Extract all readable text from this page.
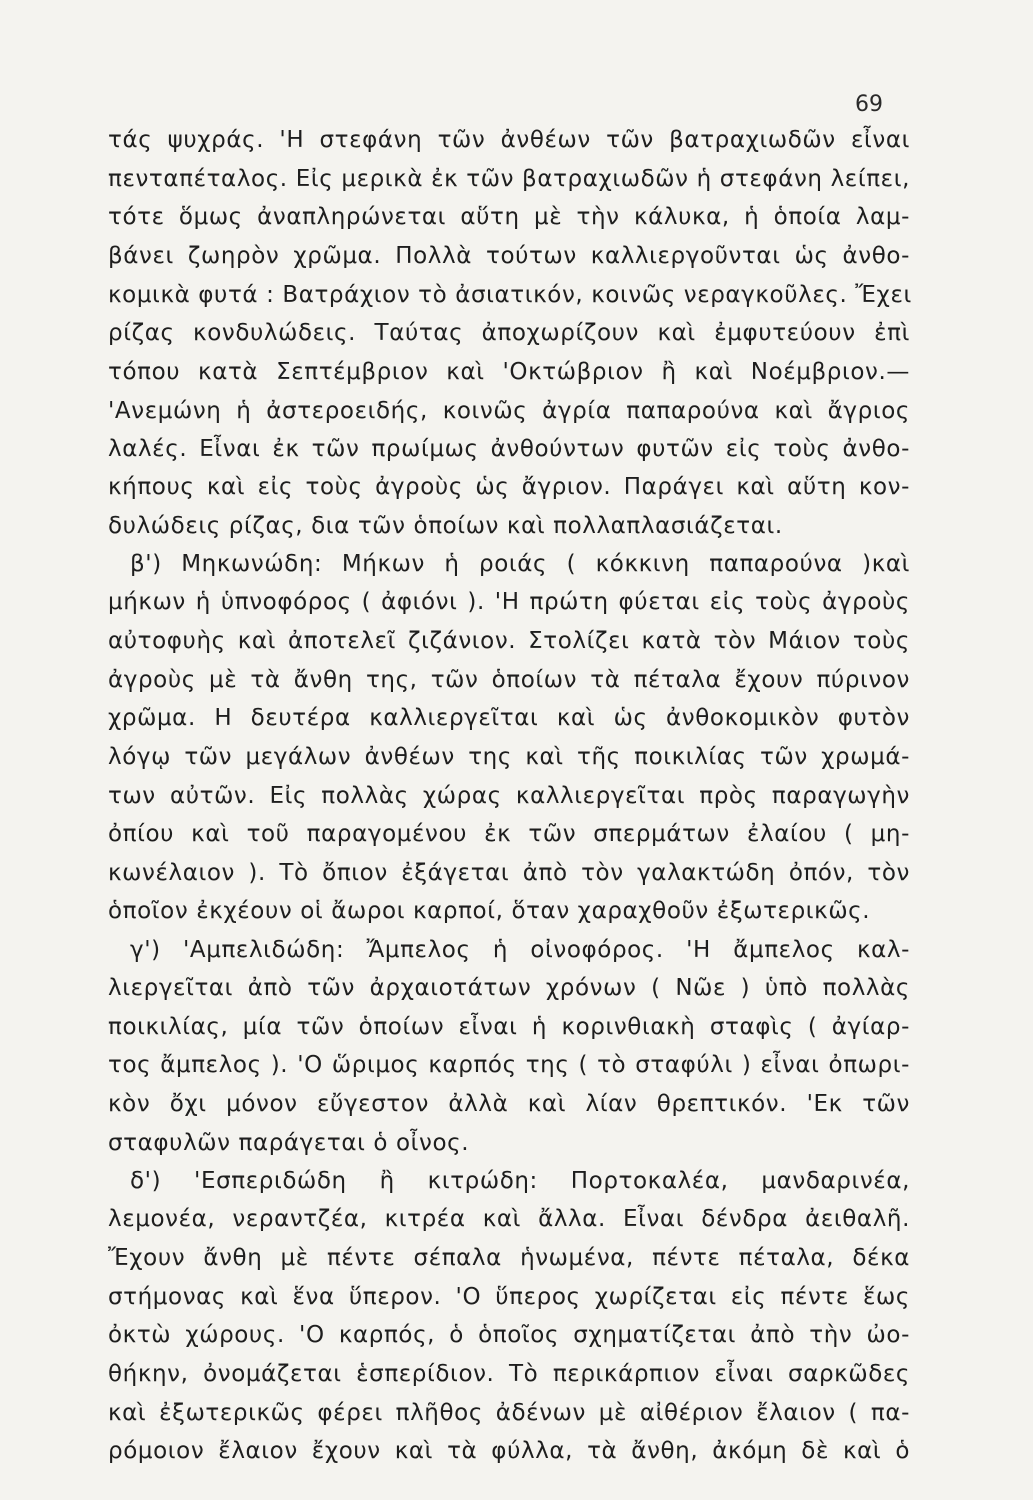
69
τάς ψυχράς. 'Η στεφάνη τῶν ἀνθέων τῶν βατραχιωδῶν εἶναι
πενταπέταλος. Εἰς μερικὰ ἐκ τῶν βατραχιωδῶν ἡ στεφάνη λείπει,
τότε ὅμως ἀναπληρώνεται αὕτη μὲ τὴν κάλυκα, ἡ ὁποία λαμ-
βάνει ζωηρὸν χρῶμα. Πολλὰ τούτων καλλιεργοῦνται ὡς ἀνθο-
κομικὰ φυτά : Βατράχιον τὸ ἀσιατικόν, κοινῶς νεραγκοῦλες. Ἔχει
ρίζας κονδυλώδεις. Ταύτας ἀποχωρίζουν καὶ ἐμφυτεύουν ἐπὶ
τόπου κατὰ Σεπτέμβριον καὶ 'Οκτώβριον ἢ καὶ Νοέμβριον.—
'Ανεμώνη ἡ ἀστεροειδής, κοινῶς ἀγρία παπαρούνα καὶ ἄγριος
λαλές. Εἶναι ἐκ τῶν πρωίμως ἀνθούντων φυτῶν εἰς τοὺς ἀνθο-
κήπους καὶ εἰς τοὺς ἀγροὺς ὡς ἄγριον. Παράγει καὶ αὕτη κον-
δυλώδεις ρίζας, δια τῶν ὁποίων καὶ πολλαπλασιάζεται.
β') Μηκωνώδη: Μήκων ἡ ροιάς ( κόκκινη παπαρούνα )καὶ
μήκων ἡ ὑπνοφόρος ( ἀφιόνι ). 'Η πρώτη φύεται εἰς τοὺς ἀγροὺς
αὐτοφυὴς καὶ ἀποτελεῖ ζιζάνιον. Στολίζει κατὰ τὸν Μάιον τοὺς
ἀγροὺς μὲ τὰ ἄνθη της, τῶν ὁποίων τὰ πέταλα ἔχουν πύρινον
χρῶμα. Η δευτέρα καλλιεργεῖται καὶ ὡς ἀνθοκομικὸν φυτὸν
λόγῳ τῶν μεγάλων ἀνθέων της καὶ τῆς ποικιλίας τῶν χρωμά-
των αὐτῶν. Εἰς πολλὰς χώρας καλλιεργεῖται πρὸς παραγωγὴν
ὀπίου καὶ τοῦ παραγομένου ἐκ τῶν σπερμάτων ἐλαίου ( μη-
κωνέλαιον ). Τὸ ὄπιον ἐξάγεται ἀπὸ τὸν γαλακτώδη ὀπόν, τὸν
ὁποῖον ἐκχέουν οἱ ἄωροι καρποί, ὅταν χαραχθοῦν ἐξωτερικῶς.
γ') 'Αμπελιδώδη: Ἄμπελος ἡ οἰνοφόρος. 'Η ἄμπελος καλ-
λιεργεῖται ἀπὸ τῶν ἀρχαιοτάτων χρόνων ( Νῶε ) ὑπὸ πολλὰς
ποικιλίας, μία τῶν ὁποίων εἶναι ἡ κορινθιακὴ σταφὶς ( ἀγίαρ-
τος ἄμπελος ). 'Ο ὥριμος καρπός της ( τὸ σταφύλι ) εἶναι ὀπωρι-
κὸν ὄχι μόνον εὔγεστον ἀλλὰ καὶ λίαν θρεπτικόν. 'Εκ τῶν
σταφυλῶν παράγεται ὁ οἶνος.
δ') 'Εσπεριδώδη ἢ κιτρώδη: Πορτοκαλέα, μανδαρινέα,
λεμονέα, νεραντζέα, κιτρέα καὶ ἄλλα. Εἶναι δένδρα ἀειθαλῆ.
Ἔχουν ἄνθη μὲ πέντε σέπαλα ἡνωμένα, πέντε πέταλα, δέκα
στήμονας καὶ ἕνα ὕπερον. 'Ο ὕπερος χωρίζεται εἰς πέντε ἕως
ὀκτὼ χώρους. 'Ο καρπός, ὁ ὁποῖος σχηματίζεται ἀπὸ τὴν ὠο-
θήκην, ὀνομάζεται ἑσπερίδιον. Τὸ περικάρπιον εἶναι σαρκῶδες
καὶ ἐξωτερικῶς φέρει πλῆθος ἀδένων μὲ αἰθέριον ἔλαιον ( πα-
ρόμοιον ἔλαιον ἔχουν καὶ τὰ φύλλα, τὰ ἄνθη, ἀκόμη δὲ καὶ ὁ
